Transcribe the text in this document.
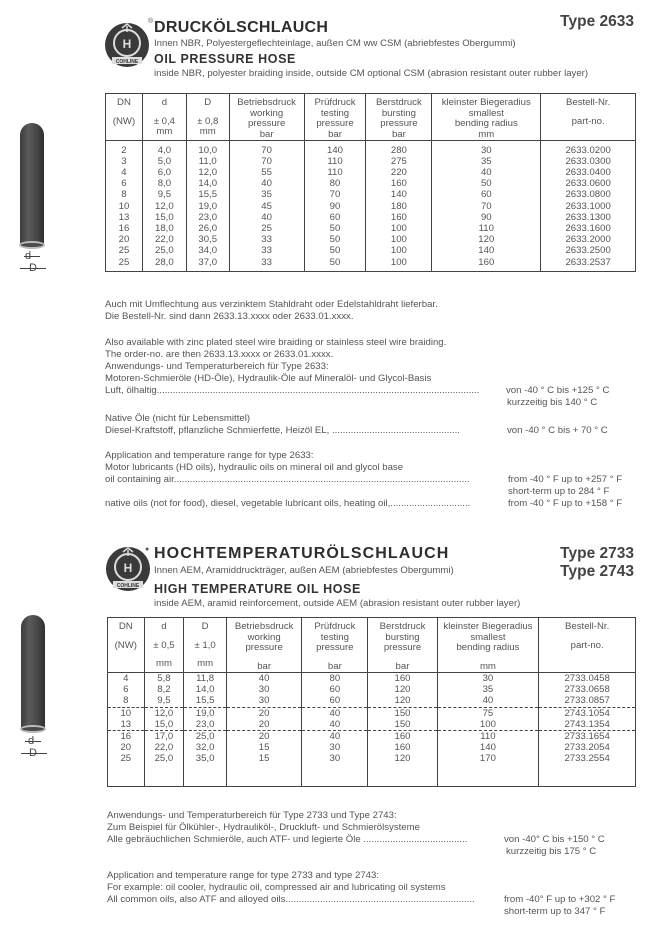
H
COHLINE
® DRUCKÖLSCHLAUCH	Type 2633
Innen NBR, Polyestergeflechteinlage, außen CM ww CSM (abriebfestes Obergummi)
OIL PRESSURE HOSE
inside NBR, polyester braiding inside, outside CM optional CSM (abrasion resistant outer rubber layer)
d
D
DN
(NW)	d
± 0,4
mm	D
± 0,8
mm	Betriebsdruck
working
pressure
bar	Prüfdruck
testing
pressure
bar	Berstdruck
bursting
pressure
bar	kleinster Biegeradius
smallest
bending radius
mm	Bestell-Nr.
part-no.

2	4,0	10,0	70	140	280	30	2633.0200
3	5,0	11,0	70	110	275	35	2633.0300
4	6,0	12,0	55	110	220	40	2633.0400
6	8,0	14,0	40	80	160	50	2633.0600
8	9,5	15,5	35	70	140	60	2633.0800
10	12,0	19,0	45	90	180	70	2633.1000
13	15,0	23,0	40	60	160	90	2633.1300
16	18,0	26,0	25	50	100	110	2633.1600
20	22,0	30,5	33	50	100	120	2633.2000
25	25,0	34,0	33	50	100	140	2633.2500
25	28,0	37,0	33	50	100	160	2633.2537

Auch mit Umflechtung aus verzinktem Stahldraht oder Edelstahldraht lieferbar.
Die Bestell-Nr. sind dann 2633.13.xxxx oder 2633.01.xxxx.
Also available with zinc plated steel wire braiding or stainless steel wire braiding.
The order-no. are then 2633.13.xxxx or 2633.01.xxxx.
Anwendungs- und Temperaturbereich für Type 2633:
Motoren-Schmieröle (HD-Öle), Hydraulik-Öle auf Mineralöl- und Glycol-Basis
Luft, ölhaltig.........................................................................................................................	von -40 ° C bis +125 ° C
kurzzeitig bis 140 ° C
Native Öle (nicht für Lebensmittel)
Diesel-Kraftstoff, pflanzliche Schmierfette, Heizöl EL, ................................................	von -40 ° C bis + 70 ° C
Application and temperature range for type 2633:
Motor lubricants (HD oils), hydraulic oils on mineral oil and glycol base
oil containing air...............................................................................................................	from -40 ° F up to +257 ° F
short-term up to 284 ° F
native oils (not for food), diesel, vegetable lubricant oils, heating oil,..............................	from -40 ° F up to +158 ° F
H
COHLINE
● HOCHTEMPERATURÖLSCHLAUCH	Type 2733
Type 2743
Innen AEM, Aramiddruckträger, außen AEM (abriebfestes Obergummi)
HIGH TEMPERATURE OIL HOSE
inside AEM, aramid reinforcement, outside AEM (abrasion resistant outer rubber layer)
d
D
DN
(NW)	d
± 0,5
mm	D
± 1,0
mm	Betriebsdruck
working
pressure
bar	Prüfdruck
testing
pressure
bar	Berstdruck
bursting
pressure
bar	kleinster Biegeradius
smallest
bending radius
mm	Bestell-Nr.
part-no.

4	5,8	11,8	40	80	160	30	2733.0458
6	8,2	14,0	30	60	120	35	2733.0658
8	9,5	15,5	30	60	120	40	2733.0857
10	12,0	19,0	20	40	150	75	2743.1054
13	15,0	23,0	20	40	150	100	2743.1354
16	17,0	25,0	20	40	160	110	2733.1654
20	22,0	32,0	15	30	160	140	2733.2054
25	25,0	35,0	15	30	120	170	2733.2554

Anwendungs- und Temperaturbereich für Type 2733 und Type 2743:
Zum Beispiel für Ölkühler-, Hydrauliköl-, Druckluft- und Schmierölsysteme
Alle gebräuchlichen Schmieröle, auch ATF- und legierte Öle .......................................	von -40° C bis +150 ° C
kurzzeitig bis 175 ° C
Application and temperature range for type 2733 and type 2743:
For example: oil cooler, hydraulic oil, compressed air and lubricating oil systems
All common oils, also ATF and alloyed oils.......................................................................	from -40° F up to +302 ° F
short-term up to 347 ° F
